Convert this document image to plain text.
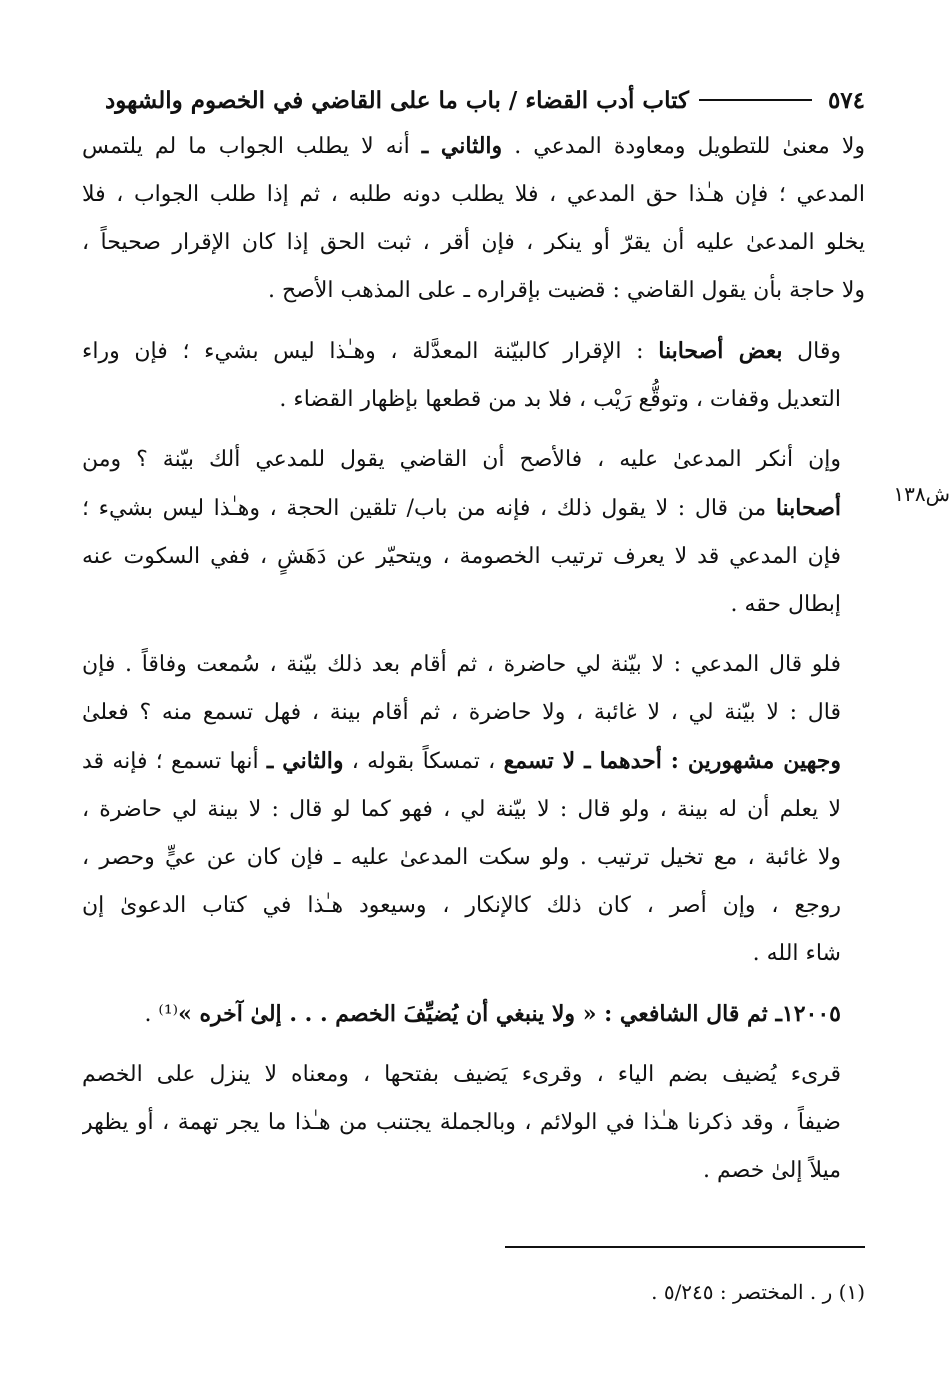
٥٧٤
كتاب أدب القضاء / باب ما على القاضي في الخصوم والشهود

ولا معنىٰ للتطويل ومعاودة المدعي . والثاني ـ أنه لا يطلب الجواب ما لم يلتمس
المدعي ؛ فإن هـٰذا حق المدعي ، فلا يطلب دونه طلبه ، ثم إذا طلب الجواب ، فلا
يخلو المدعىٰ عليه أن يقرّ أو ينكر ، فإن أقر ، ثبت الحق إذا كان الإقرار صحيحاً ،
ولا حاجة بأن يقول القاضي : قضيت بإقراره ـ على المذهب الأصح .

وقال بعض أصحابنا : الإقرار كالبيّنة المعدَّلة ، وهـٰذا ليس بشيء ؛ فإن وراء
التعديل وقفات ، وتوقُّع رَيْب ، فلا بد من قطعها بإظهار القضاء .

وإن أنكر المدعىٰ عليه ، فالأصح أن القاضي يقول للمدعي ألك بيّنة ؟ ومن
أصحابنا من قال : لا يقول ذلك ، فإنه من باب/ تلقين الحجة ، وهـٰذا ليس بشيء ؛
فإن المدعي قد لا يعرف ترتيب الخصومة ، ويتحيّر عن دَهَشٍ ، ففي السكوت عنه
إبطال حقه .

فلو قال المدعي : لا بيّنة لي حاضرة ، ثم أقام بعد ذلك بيّنة ، سُمعت وفاقاً . فإن
قال : لا بيّنة لي ، لا غائبة ، ولا حاضرة ، ثم أقام بينة ، فهل تسمع منه ؟ فعلىٰ
وجهين مشهورين : أحدهما ـ لا تسمع ، تمسكاً بقوله ، والثاني ـ أنها تسمع ؛ فإنه قد
لا يعلم أن له بينة ، ولو قال : لا بيّنة لي ، فهو كما لو قال : لا بينة لي حاضرة ،
ولا غائبة ، مع تخيل ترتيب . ولو سكت المدعىٰ عليه ـ فإن كان عن عيٍّ وحصر ،
روجع ، وإن أصر ، كان ذلك كالإنكار ، وسيعود هـٰذا في كتاب الدعوىٰ إن
شاء الله .

١٢٠٠٥ـ ثم قال الشافعي : « ولا ينبغي أن يُضيِّفَ الخصم . . . إلىٰ آخره »⁽¹⁾ .

قرىء يُضيف بضم الياء ، وقرىء يَضيف بفتحها ، ومعناه لا ينزل على الخصم
ضيفاً ، وقد ذكرنا هـٰذا في الولائم ، وبالجملة يجتنب من هـٰذا ما يجر تهمة ، أو يظهر
ميلاً إلىٰ خصم .

ش١٣٨
(١) ر . المختصر : ٥/٢٤٥ .
